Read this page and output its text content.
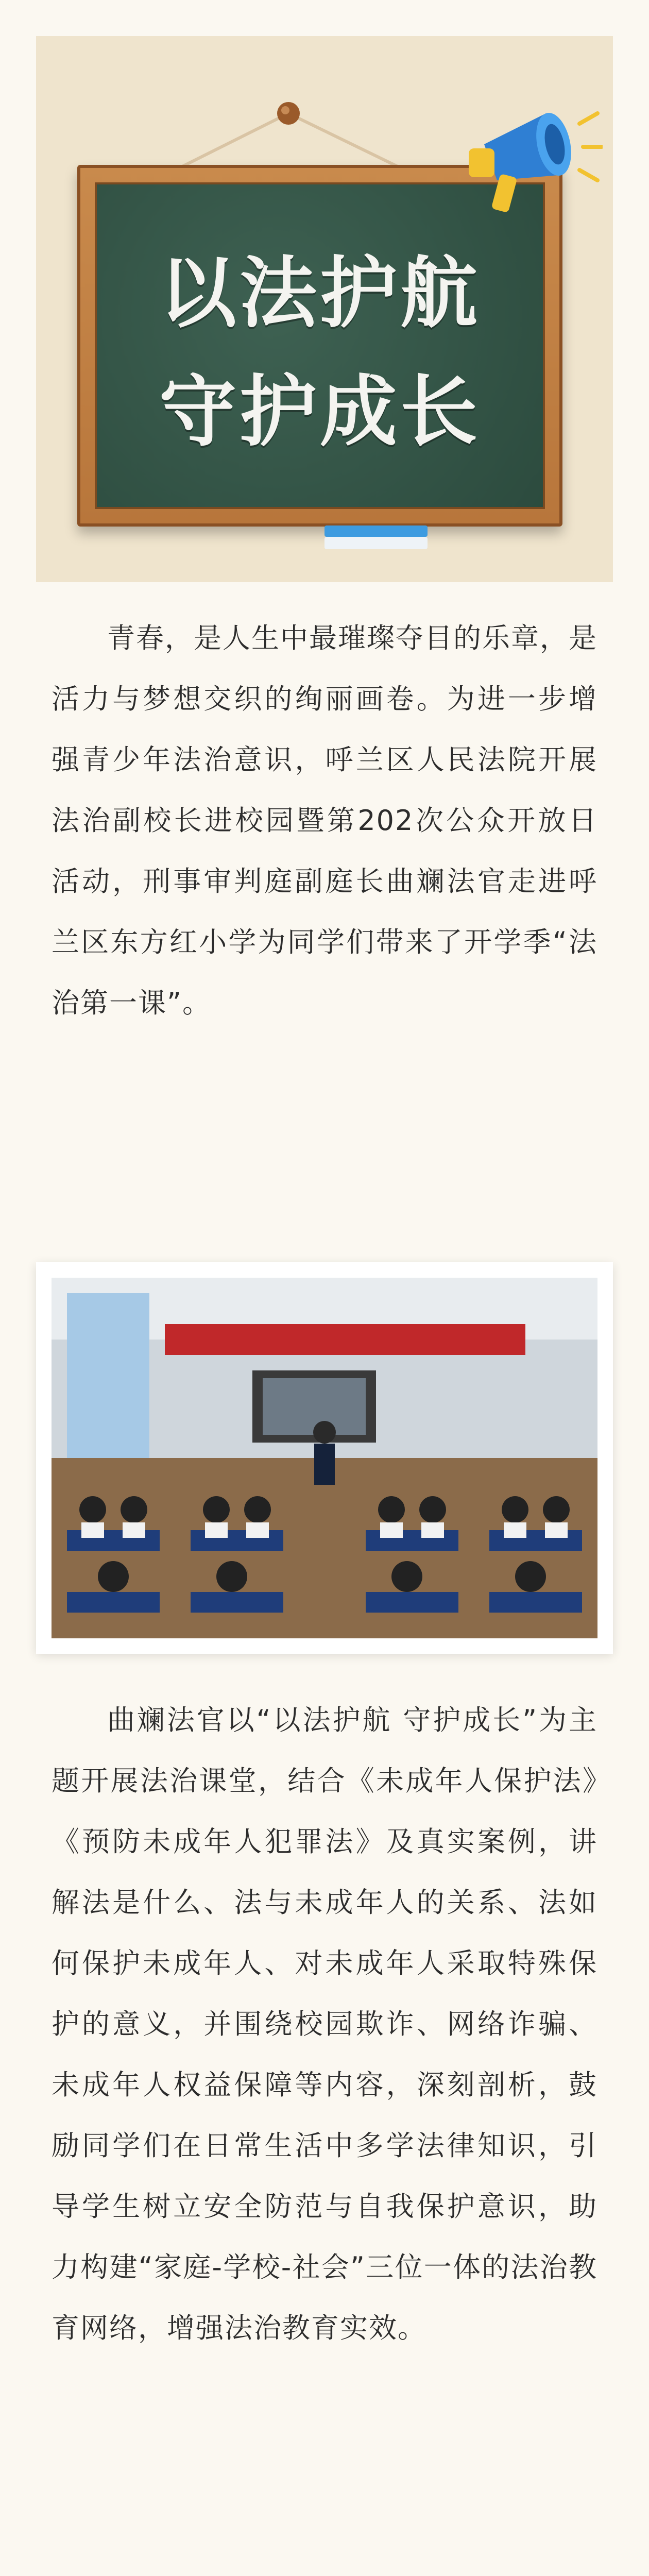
以法护航
守护成长

青春，是人生中最璀璨夺目的乐章，是活力与梦想交织的绚丽画卷。为进一步增强青少年法治意识，呼兰区人民法院开展法治副校长进校园暨第202次公众开放日活动，刑事审判庭副庭长曲斓法官走进呼兰区东方红小学为同学们带来了开学季“法治第一课”。

曲斓法官以“以法护航 守护成长”为主题开展法治课堂，结合《未成年人保护法》《预防未成年人犯罪法》及真实案例，讲解法是什么、法与未成年人的关系、法如何保护未成年人、对未成年人采取特殊保护的意义，并围绕校园欺诈、网络诈骗、未成年人权益保障等内容，深刻剖析，鼓励同学们在日常生活中多学法律知识，引导学生树立安全防范与自我保护意识，助力构建“家庭-学校-社会”三位一体的法治教育网络，增强法治教育实效。
